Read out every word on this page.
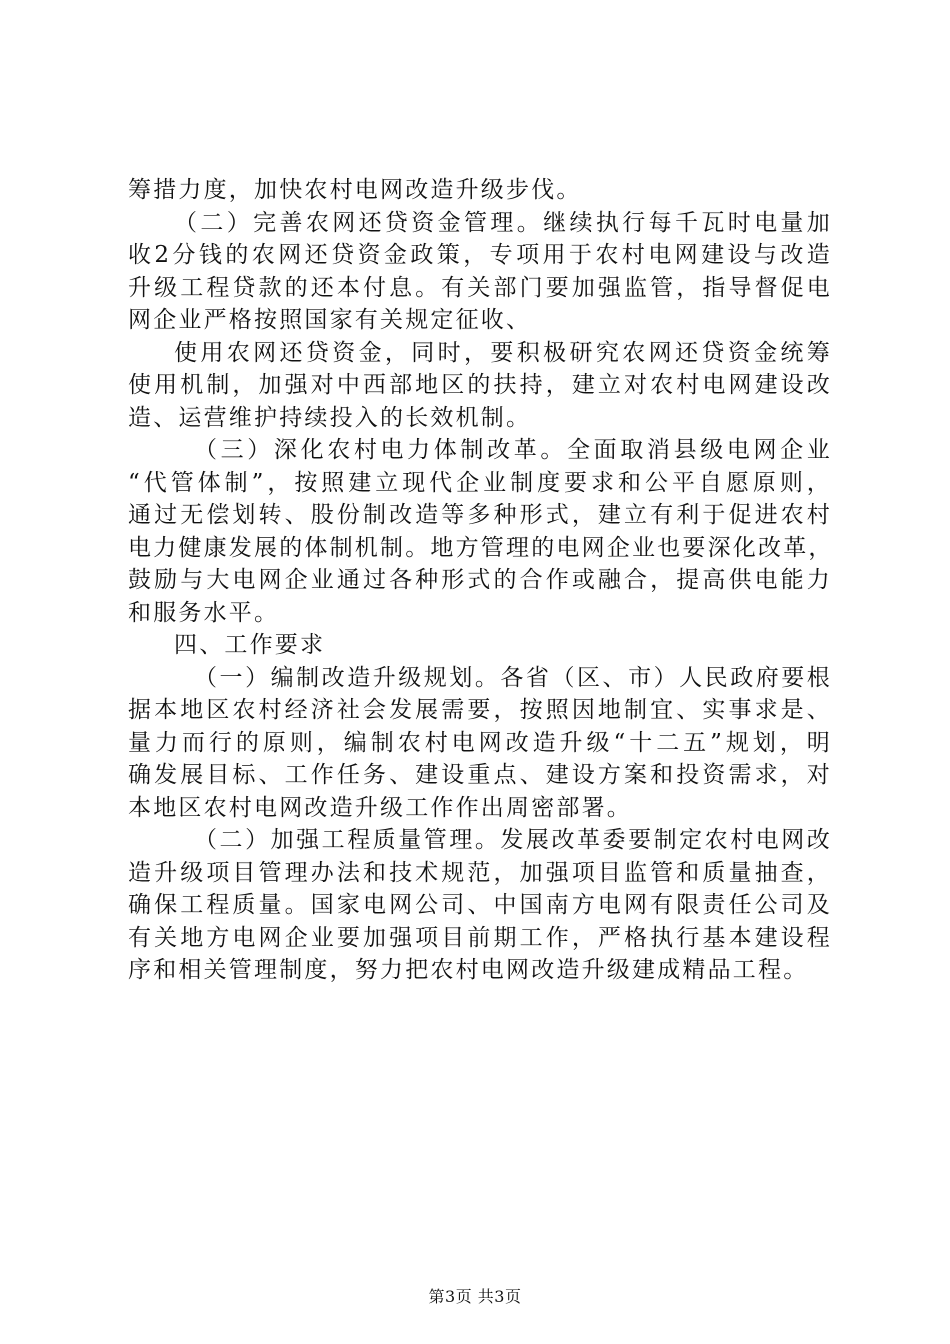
筹措力度，加快农村电网改造升级步伐。
（二）完善农网还贷资金管理。继续执行每千瓦时电量加
收2分钱的农网还贷资金政策，专项用于农村电网建设与改造
升级工程贷款的还本付息。有关部门要加强监管，指导督促电
网企业严格按照国家有关规定征收、
使用农网还贷资金，同时，要积极研究农网还贷资金统筹
使用机制，加强对中西部地区的扶持，建立对农村电网建设改
造、运营维护持续投入的长效机制。
（三）深化农村电力体制改革。全面取消县级电网企业
“代管体制”，按照建立现代企业制度要求和公平自愿原则，
通过无偿划转、股份制改造等多种形式，建立有利于促进农村
电力健康发展的体制机制。地方管理的电网企业也要深化改革，
鼓励与大电网企业通过各种形式的合作或融合，提高供电能力
和服务水平。
四、工作要求
（一）编制改造升级规划。各省（区、市）人民政府要根
据本地区农村经济社会发展需要，按照因地制宜、实事求是、
量力而行的原则，编制农村电网改造升级“十二五”规划，明
确发展目标、工作任务、建设重点、建设方案和投资需求，对
本地区农村电网改造升级工作作出周密部署。
（二）加强工程质量管理。发展改革委要制定农村电网改
造升级项目管理办法和技术规范，加强项目监管和质量抽查，
确保工程质量。国家电网公司、中国南方电网有限责任公司及
有关地方电网企业要加强项目前期工作，严格执行基本建设程
序和相关管理制度，努力把农村电网改造升级建成精品工程。
第3页 共3页
